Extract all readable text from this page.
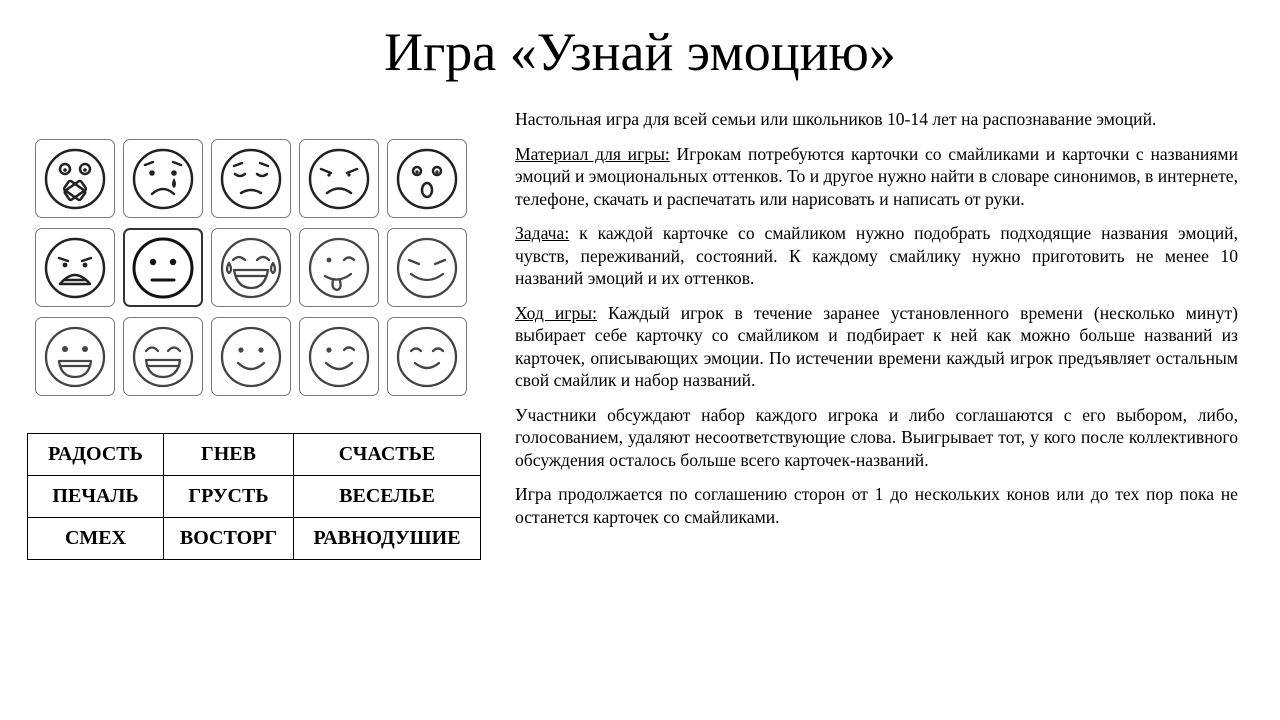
Игра «Узнай эмоцию»
РАДОСТЬ	ГНЕВ	СЧАСТЬЕ
ПЕЧАЛЬ	ГРУСТЬ	ВЕСЕЛЬЕ
СМЕХ	ВОСТОРГ	РАВНОДУШИЕ

Настольная игра для всей семьи или школьников 10-14 лет на распознавание эмоций.

Материал для игры: Игрокам потребуются карточки со смайликами и карточки с названиями эмоций и эмоциональных оттенков. То и другое нужно найти в словаре синонимов, в интернете, телефоне, скачать и распечатать или нарисовать и написать от руки.

Задача: к каждой карточке со смайликом нужно подобрать подходящие названия эмоций, чувств, переживаний, состояний. К каждому смайлику нужно приготовить не менее 10 названий эмоций и их оттенков.

Ход игры: Каждый игрок в течение заранее установленного времени (несколько минут) выбирает себе карточку со смайликом и подбирает к ней как можно больше названий из карточек, описывающих эмоции. По истечении времени каждый игрок предъявляет остальным свой смайлик и набор названий.

Участники обсуждают набор каждого игрока и либо соглашаются с его выбором, либо, голосованием, удаляют несоответствующие слова. Выигрывает тот, у кого после коллективного обсуждения осталось больше всего карточек-названий.

Игра продолжается по соглашению сторон от 1 до нескольких конов или до тех пор пока не останется карточек со смайликами.
